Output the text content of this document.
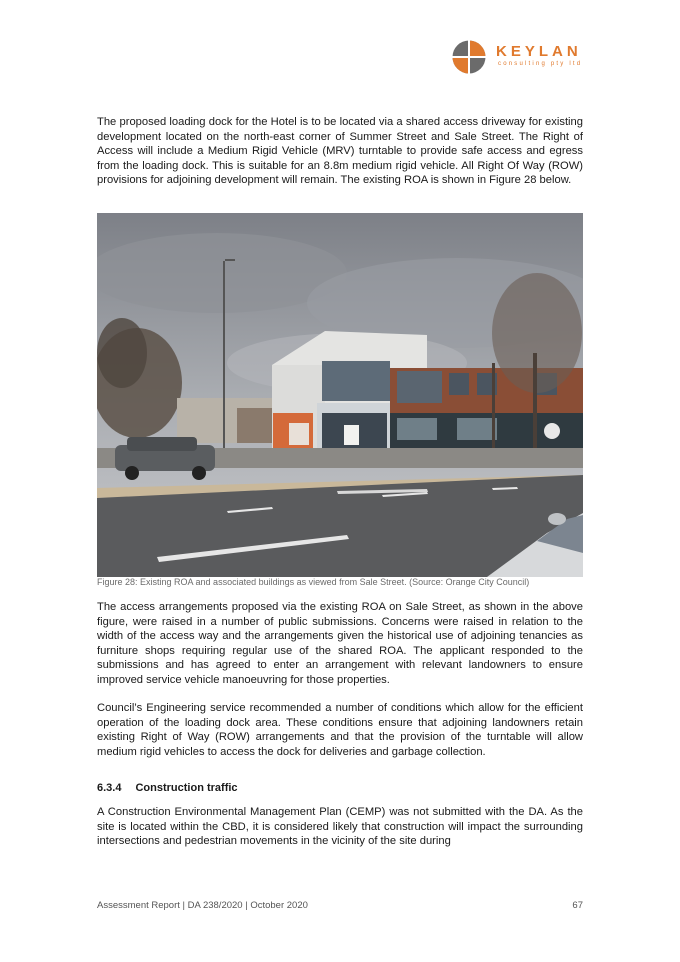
KEYLAN
consulting pty ltd

The proposed loading dock for the Hotel is to be located via a shared access driveway for existing development located on the north-east corner of Summer Street and Sale Street. The Right of Access will include a Medium Rigid Vehicle (MRV) turntable to provide safe access and egress from the loading dock. This is suitable for an 8.8m medium rigid vehicle. All Right Of Way (ROW) provisions for adjoining development will remain. The existing ROA is shown in Figure 28 below.

Figure 28: Existing ROA and associated buildings as viewed from Sale Street. (Source: Orange City Council)

The access arrangements proposed via the existing ROA on Sale Street, as shown in the above figure, were raised in a number of public submissions. Concerns were raised in relation to the width of the access way and the arrangements given the historical use of adjoining tenancies as furniture shops requiring regular use of the shared ROA. The applicant responded to the submissions and has agreed to enter an arrangement with relevant landowners to ensure improved service vehicle manoeuvring for those properties.

Council’s Engineering service recommended a number of conditions which allow for the efficient operation of the loading dock area. These conditions ensure that adjoining landowners retain existing Right of Way (ROW) arrangements and that the provision of the turntable will allow medium rigid vehicles to access the dock for deliveries and garbage collection.

6.3.4 Construction traffic

A Construction Environmental Management Plan (CEMP) was not submitted with the DA. As the site is located within the CBD, it is considered likely that construction will impact the surrounding intersections and pedestrian movements in the vicinity of the site during

Assessment Report | DA 238/2020 | October 2020	67
